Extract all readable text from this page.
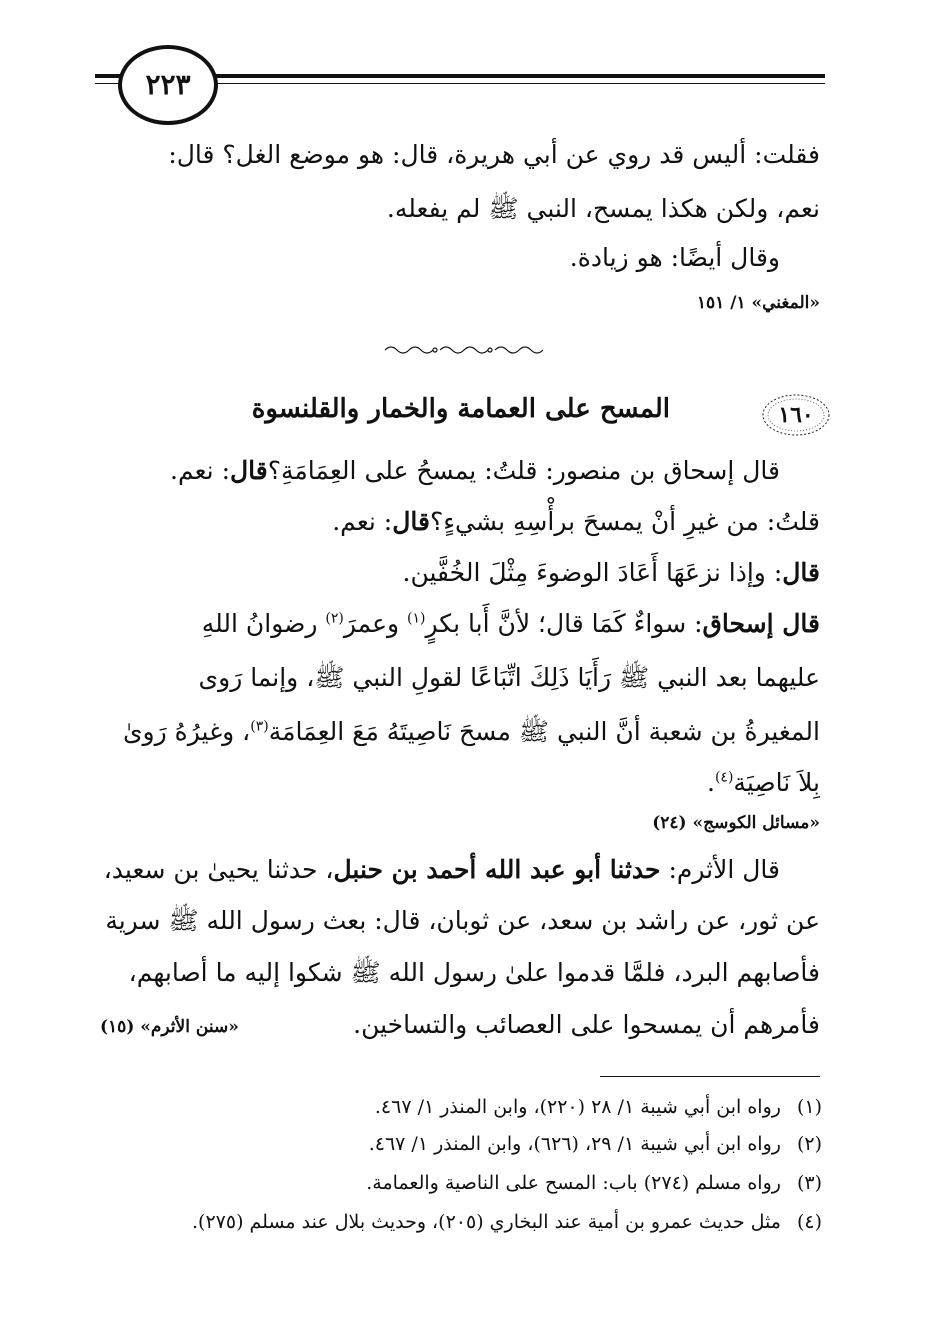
٢٢٣
فقلت: أليس قد روي عن أبي هريرة، قال: هو موضع الغل؟ قال:
نعم، ولكن هكذا يمسح، النبي ﷺ لم يفعله.
وقال أيضًا: هو زيادة.
«المغني» ١/ ١٥١
١٦٠
المسح على العمامة والخمار والقلنسوة
قال إسحاق بن منصور: قلتُ: يمسحُ على العِمَامَةِ؟قال: نعم.
قلتُ: من غيرِ أنْ يمسحَ برأْسِهِ بشيءٍ؟قال: نعم.
قال: وإذا نزعَهَا أَعَادَ الوضوءَ مِثْلَ الخُفَّين.
قال إسحاق: سواءٌ كَمَا قال؛ لأنَّ أَبا بكرٍ$^{(١)}$ وعمرَ$^{(٢)}$ رضوانُ اللهِ
عليهما بعد النبي ﷺ رَأَيَا ذَلِكَ اتِّبَاعًا لقولِ النبي ﷺ، وإنما رَوى
المغيرةُ بن شعبة أنَّ النبي ﷺ مسحَ نَاصِيتَهُ مَعَ العِمَامَة$^{(٣)}$، وغيرُهُ رَوىٰ
بِلاَ نَاصِيَة$^{(٤)}$.
«مسائل الكوسج» (٢٤)
قال الأثرم: حدثنا أبو عبد الله أحمد بن حنبل، حدثنا يحيىٰ بن سعيد،
عن ثور، عن راشد بن سعد، عن ثوبان، قال: بعث رسول الله ﷺ سرية
فأصابهم البرد، فلمَّا قدموا علىٰ رسول الله ﷺ شكوا إليه ما أصابهم،
فأمرهم أن يمسحوا على العصائب والتساخين.
«سنن الأثرم» (١٥)
(١)رواه ابن أبي شيبة ١/ ٢٨ (٢٢٠)، وابن المنذر ١/ ٤٦٧.
(٢)رواه ابن أبي شيبة ١/ ٢٩، (٦٢٦)، وابن المنذر ١/ ٤٦٧.
(٣)رواه مسلم (٢٧٤) باب: المسح على الناصية والعمامة.
(٤)مثل حديث عمرو بن أمية عند البخاري (٢٠٥)، وحديث بلال عند مسلم (٢٧٥).
